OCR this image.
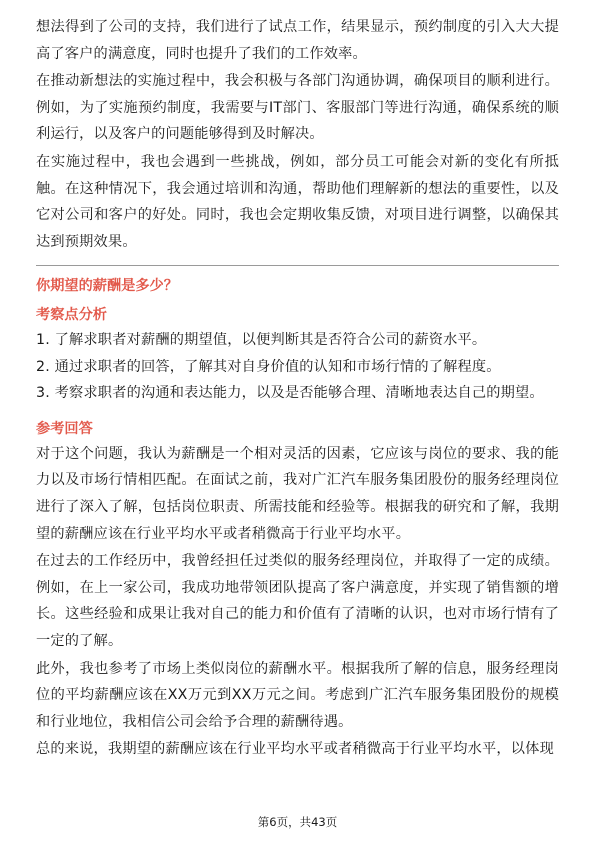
想法得到了公司的支持，我们进行了试点工作，结果显示，预约制度的引入大大提高了客户的满意度，同时也提升了我们的工作效率。

在推动新想法的实施过程中，我会积极与各部门沟通协调，确保项目的顺利进行。例如，为了实施预约制度，我需要与IT部门、客服部门等进行沟通，确保系统的顺利运行，以及客户的问题能够得到及时解决。

在实施过程中，我也会遇到一些挑战，例如，部分员工可能会对新的变化有所抵触。在这种情况下，我会通过培训和沟通，帮助他们理解新的想法的重要性，以及它对公司和客户的好处。同时，我也会定期收集反馈，对项目进行调整，以确保其达到预期效果。

你期望的薪酬是多少？
考察点分析
1. 了解求职者对薪酬的期望值，以便判断其是否符合公司的薪资水平。
2. 通过求职者的回答，了解其对自身价值的认知和市场行情的了解程度。
3. 考察求职者的沟通和表达能力，以及是否能够合理、清晰地表达自己的期望。
参考回答

对于这个问题，我认为薪酬是一个相对灵活的因素，它应该与岗位的要求、我的能力以及市场行情相匹配。在面试之前，我对广汇汽车服务集团股份的服务经理岗位进行了深入了解，包括岗位职责、所需技能和经验等。根据我的研究和了解，我期望的薪酬应该在行业平均水平或者稍微高于行业平均水平。

在过去的工作经历中，我曾经担任过类似的服务经理岗位，并取得了一定的成绩。例如，在上一家公司，我成功地带领团队提高了客户满意度，并实现了销售额的增长。这些经验和成果让我对自己的能力和价值有了清晰的认识，也对市场行情有了一定的了解。

此外，我也参考了市场上类似岗位的薪酬水平。根据我所了解的信息，服务经理岗位的平均薪酬应该在XX万元到XX万元之间。考虑到广汇汽车服务集团股份的规模和行业地位，我相信公司会给予合理的薪酬待遇。

总的来说，我期望的薪酬应该在行业平均水平或者稍微高于行业平均水平，以体现

第6页，共43页
